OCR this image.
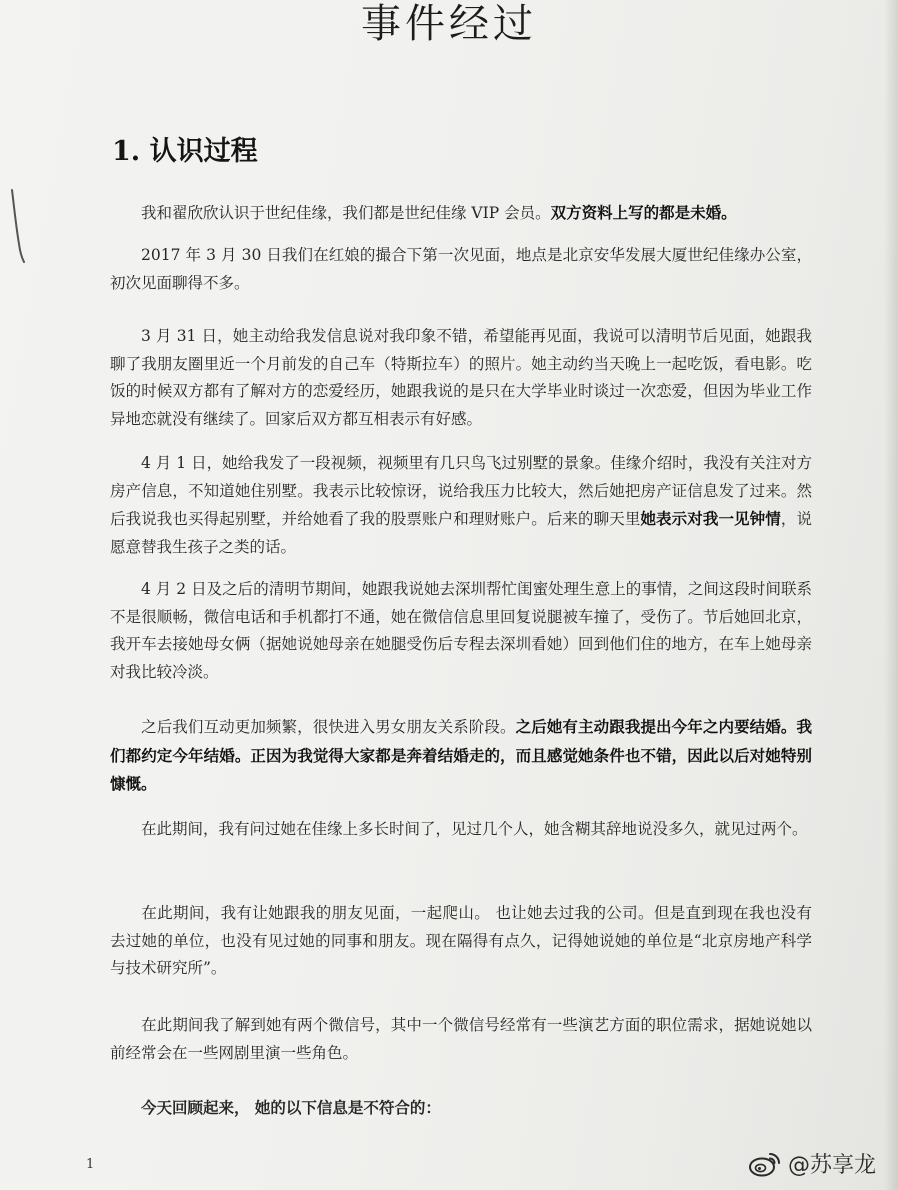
事件经过
1. 认识过程
我和翟欣欣认识于世纪佳缘，我们都是世纪佳缘 VIP 会员。双方资料上写的都是未婚。
2017 年 3 月 30 日我们在红娘的撮合下第一次见面，地点是北京安华发展大厦世纪佳缘办公室，初次见面聊得不多。
3 月 31 日，她主动给我发信息说对我印象不错，希望能再见面，我说可以清明节后见面，她跟我聊了我朋友圈里近一个月前发的自己车（特斯拉车）的照片。她主动约当天晚上一起吃饭，看电影。吃饭的时候双方都有了解对方的恋爱经历，她跟我说的是只在大学毕业时谈过一次恋爱，但因为毕业工作异地恋就没有继续了。回家后双方都互相表示有好感。
4 月 1 日，她给我发了一段视频，视频里有几只鸟飞过别墅的景象。佳缘介绍时，我没有关注对方房产信息，不知道她住别墅。我表示比较惊讶，说给我压力比较大，然后她把房产证信息发了过来。然后我说我也买得起别墅，并给她看了我的股票账户和理财账户。后来的聊天里她表示对我一见钟情，说愿意替我生孩子之类的话。
4 月 2 日及之后的清明节期间，她跟我说她去深圳帮忙闺蜜处理生意上的事情，之间这段时间联系不是很顺畅，微信电话和手机都打不通，她在微信信息里回复说腿被车撞了，受伤了。节后她回北京，我开车去接她母女俩（据她说她母亲在她腿受伤后专程去深圳看她）回到他们住的地方，在车上她母亲对我比较冷淡。
之后我们互动更加频繁，很快进入男女朋友关系阶段。之后她有主动跟我提出今年之内要结婚。我们都约定今年结婚。正因为我觉得大家都是奔着结婚走的，而且感觉她条件也不错，因此以后对她特别慷慨。
在此期间，我有问过她在佳缘上多长时间了，见过几个人，她含糊其辞地说没多久，就见过两个。
在此期间，我有让她跟我的朋友见面，一起爬山。 也让她去过我的公司。但是直到现在我也没有去过她的单位，也没有见过她的同事和朋友。现在隔得有点久，记得她说她的单位是“北京房地产科学与技术研究所”。
在此期间我了解到她有两个微信号，其中一个微信号经常有一些演艺方面的职位需求，据她说她以前经常会在一些网剧里演一些角色。
今天回顾起来， 她的以下信息是不符合的：
1	@苏享龙
